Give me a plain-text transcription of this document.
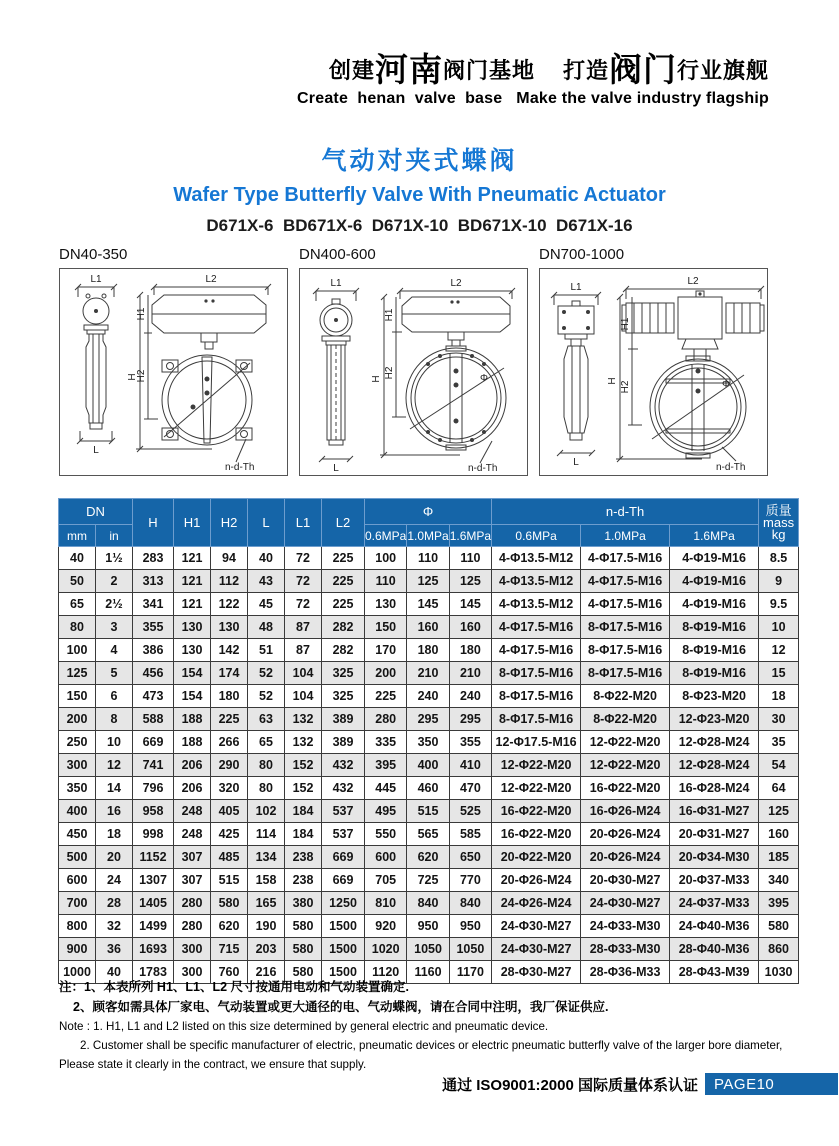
创建河南阀门基地 打造阀门行业旗舰
Create  henan  valve  base Make the valve industry flagship
气动对夹式蝶阀
Wafer Type Butterfly Valve With Pneumatic Actuator
D671X-6  BD671X-6  D671X-10  BD671X-10  D671X-16
DN40-350
L1
L
L2
H
H1
H2
n-d-Th
DN400-600
L1
L
L2
Φ
H
H1
H2
n-d-Th
DN700-1000
L1
L
L2
Φ
H
H1
H2
n-d-Th
DN		H	H1	H2	L	L1	L2	Φ			n-d-Th			质量
mass
kg

mm	in							0.6MPa	1.0MPa	1.6MPa	0.6MPa	1.0MPa	1.6MPa	
40	1½	283	121	94	40	72	225	100	110	110	4-Φ13.5-M12	4-Φ17.5-M16	4-Φ19-M16	8.5
50	2	313	121	112	43	72	225	110	125	125	4-Φ13.5-M12	4-Φ17.5-M16	4-Φ19-M16	9
65	2½	341	121	122	45	72	225	130	145	145	4-Φ13.5-M12	4-Φ17.5-M16	4-Φ19-M16	9.5
80	3	355	130	130	48	87	282	150	160	160	4-Φ17.5-M16	8-Φ17.5-M16	8-Φ19-M16	10
100	4	386	130	142	51	87	282	170	180	180	4-Φ17.5-M16	8-Φ17.5-M16	8-Φ19-M16	12
125	5	456	154	174	52	104	325	200	210	210	8-Φ17.5-M16	8-Φ17.5-M16	8-Φ19-M16	15
150	6	473	154	180	52	104	325	225	240	240	8-Φ17.5-M16	8-Φ22-M20	8-Φ23-M20	18
200	8	588	188	225	63	132	389	280	295	295	8-Φ17.5-M16	8-Φ22-M20	12-Φ23-M20	30
250	10	669	188	266	65	132	389	335	350	355	12-Φ17.5-M16	12-Φ22-M20	12-Φ28-M24	35
300	12	741	206	290	80	152	432	395	400	410	12-Φ22-M20	12-Φ22-M20	12-Φ28-M24	54
350	14	796	206	320	80	152	432	445	460	470	12-Φ22-M20	16-Φ22-M20	16-Φ28-M24	64
400	16	958	248	405	102	184	537	495	515	525	16-Φ22-M20	16-Φ26-M24	16-Φ31-M27	125
450	18	998	248	425	114	184	537	550	565	585	16-Φ22-M20	20-Φ26-M24	20-Φ31-M27	160
500	20	1152	307	485	134	238	669	600	620	650	20-Φ22-M20	20-Φ26-M24	20-Φ34-M30	185
600	24	1307	307	515	158	238	669	705	725	770	20-Φ26-M24	20-Φ30-M27	20-Φ37-M33	340
700	28	1405	280	580	165	380	1250	810	840	840	24-Φ26-M24	24-Φ30-M27	24-Φ37-M33	395
800	32	1499	280	620	190	580	1500	920	950	950	24-Φ30-M27	24-Φ33-M30	24-Φ40-M36	580
900	36	1693	300	715	203	580	1500	1020	1050	1050	24-Φ30-M27	28-Φ33-M30	28-Φ40-M36	860
1000	40	1783	300	760	216	580	1500	1120	1160	1170	28-Φ30-M27	28-Φ36-M33	28-Φ43-M39	1030
注：1、本表所列 H1、L1、L2 尺寸按通用电动和气动装置确定.
2、顾客如需具体厂家电、气动装置或更大通径的电、气动蝶阀，请在合同中注明，我厂保证供应.
Note : 1. H1, L1 and L2 listed on this size determined by general electric and pneumatic device.
2. Customer shall be specific manufacturer of electric, pneumatic devices or electric pneumatic butterfly valve of the larger bore diameter,
Please state it clearly in the contract, we ensure that supply.
通过 ISO9001:2000 国际质量体系认证	PAGE10
